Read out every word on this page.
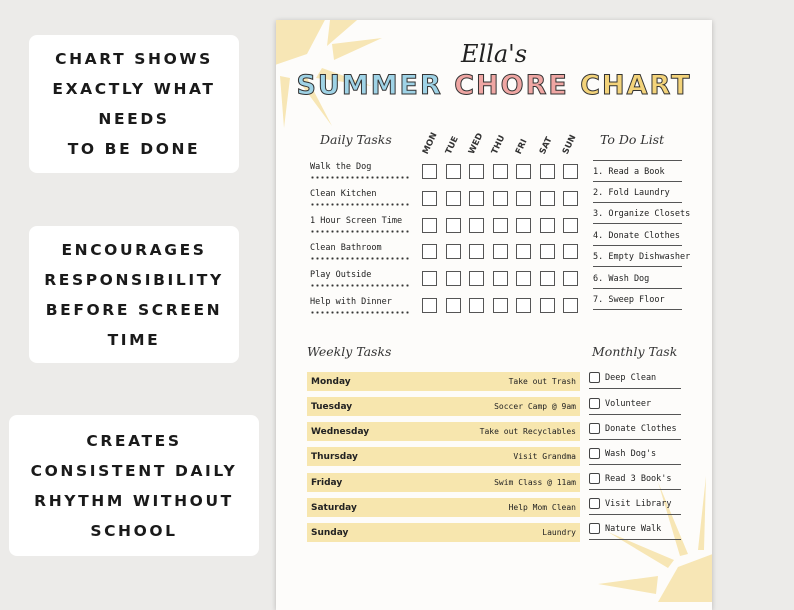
CHART SHOWS
EXACTLY WHAT
NEEDS
TO BE DONE
ENCOURAGES
RESPONSIBILITY
BEFORE SCREEN
TIME
CREATES
CONSISTENT DAILY
RHYTHM WITHOUT
SCHOOL
Ella's
SUMMER CHORE CHART
Daily Tasks	To Do List
MON TUE WED THU FRI SAT SUN
Walk the Dog
Clean Kitchen
1 Hour Screen Time
Clean Bathroom
Play Outside
Help with Dinner
1. Read a Book
2. Fold Laundry
3. Organize Closets
4. Donate Clothes
5. Empty Dishwasher
6. Wash Dog
7. Sweep Floor
Weekly Tasks	Monthly Task
Monday	Take out Trash
Tuesday	Soccer Camp @ 9am
Wednesday	Take out Recyclables
Thursday	Visit Grandma
Friday	Swim Class @ 11am
Saturday	Help Mom Clean
Sunday	Laundry
Deep Clean
Volunteer
Donate Clothes
Wash Dog's
Read 3 Book's
Visit Library
Nature Walk
